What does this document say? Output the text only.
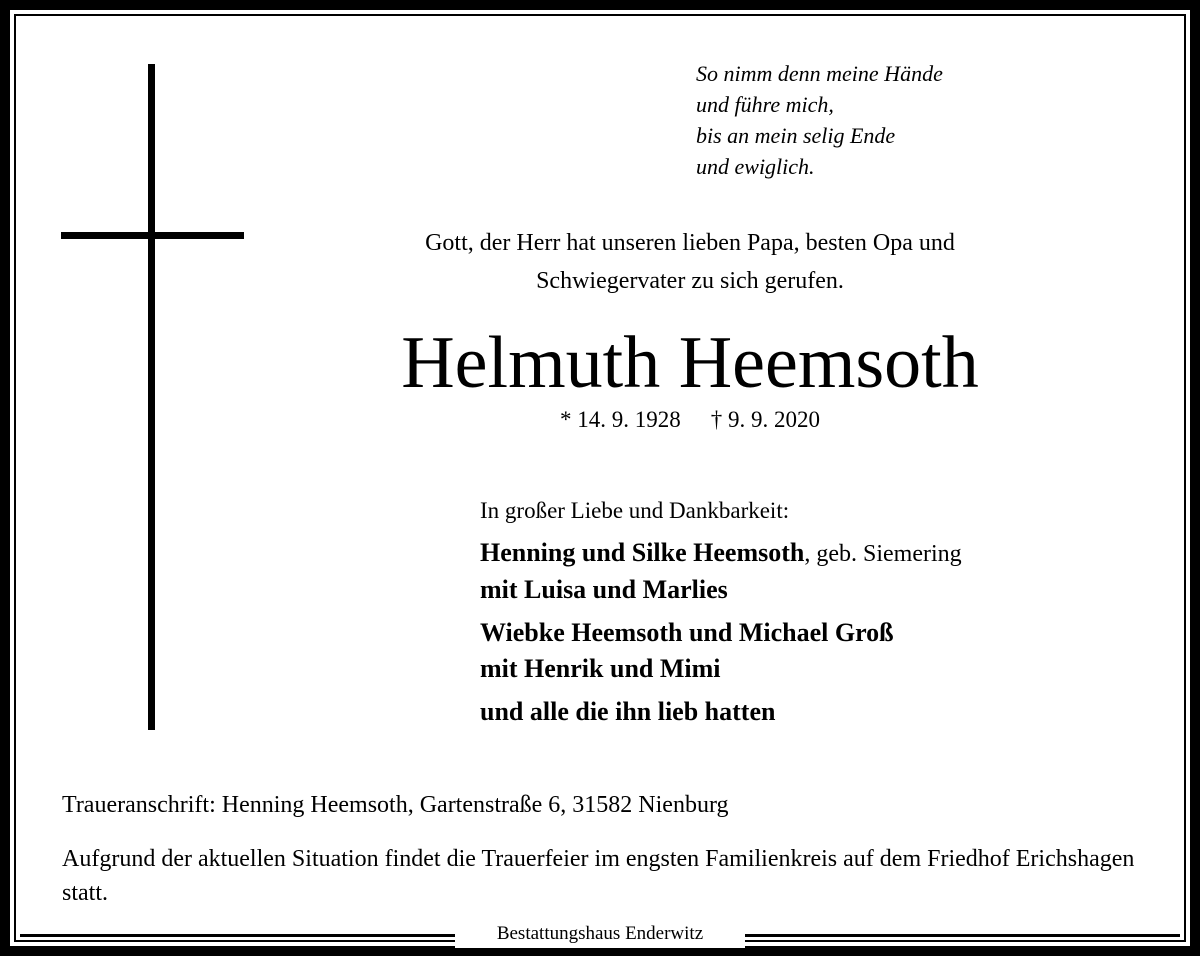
So nimm denn meine Hände
und führe mich,
bis an mein selig Ende
und ewiglich.
Gott, der Herr hat unseren lieben Papa, besten Opa und
Schwiegervater zu sich gerufen.
Helmuth Heemsoth
* 14. 9. 1928 † 9. 9. 2020
In großer Liebe und Dankbarkeit:
Henning und Silke Heemsoth, geb. Siemering
mit Luisa und Marlies
Wiebke Heemsoth und Michael Groß
mit Henrik und Mimi
und alle die ihn lieb hatten
Traueranschrift: Henning Heemsoth, Gartenstraße 6, 31582 Nienburg
Aufgrund der aktuellen Situation findet die Trauerfeier im engsten Familienkreis auf dem Friedhof Erichshagen statt.
Bestattungshaus Enderwitz
